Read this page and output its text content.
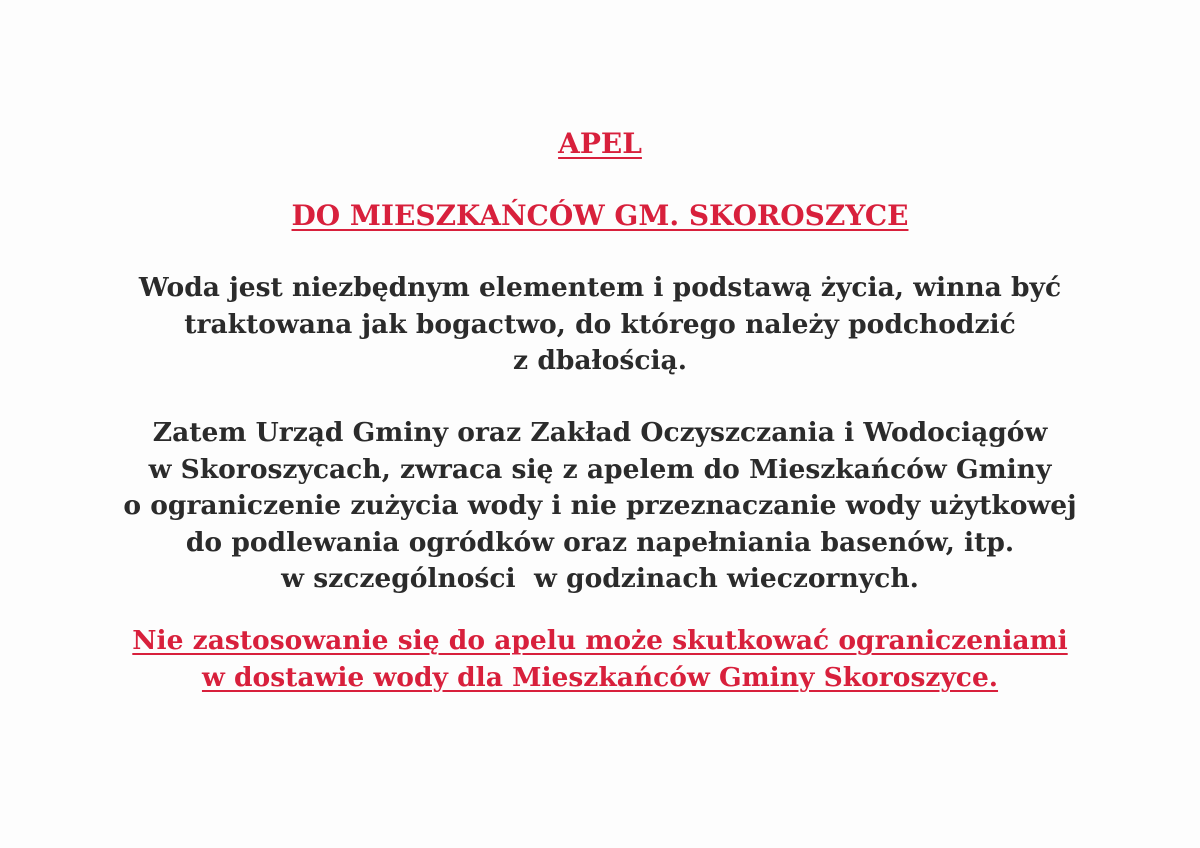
APEL
DO MIESZKAŃCÓW GM. SKOROSZYCE

Woda jest niezbędnym elementem i podstawą życia, winna być
traktowana jak bogactwo, do którego należy podchodzić
z dbałością.

Zatem Urząd Gminy oraz Zakład Oczyszczania i Wodociągów
w Skoroszycach, zwraca się z apelem do Mieszkańców Gminy
o ograniczenie zużycia wody i nie przeznaczanie wody użytkowej
do podlewania ogródków oraz napełniania basenów, itp.
w szczególności  w godzinach wieczornych.

Nie zastosowanie się do apelu może skutkować ograniczeniami
w dostawie wody dla Mieszkańców Gminy Skoroszyce.
